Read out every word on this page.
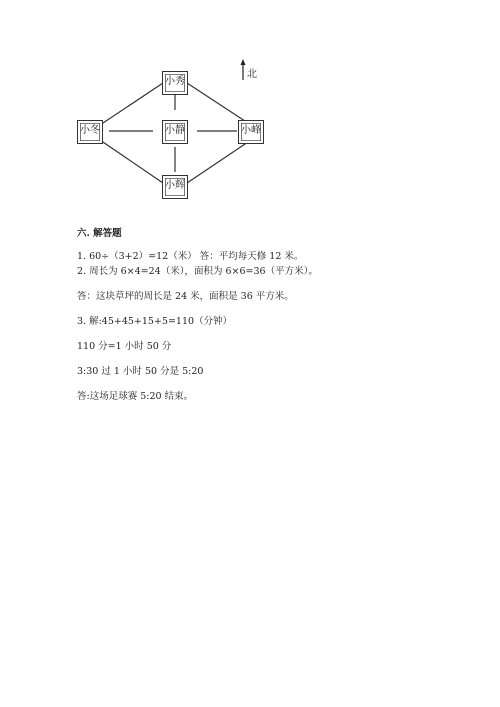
小秀
小冬	小静	小峰
小辉
北
六. 解答题
1. 60÷（3+2）=12（米） 答：平均每天修 12 米。
2. 周长为 6×4=24（米），面积为 6×6=36（平方米）。
答：这块草坪的周长是 24 米，面积是 36 平方米。
3. 解:45+45+15+5=110（分钟）
110 分=1 小时 50 分
3:30 过 1 小时 50 分是 5:20
答:这场足球赛 5:20 结束。
